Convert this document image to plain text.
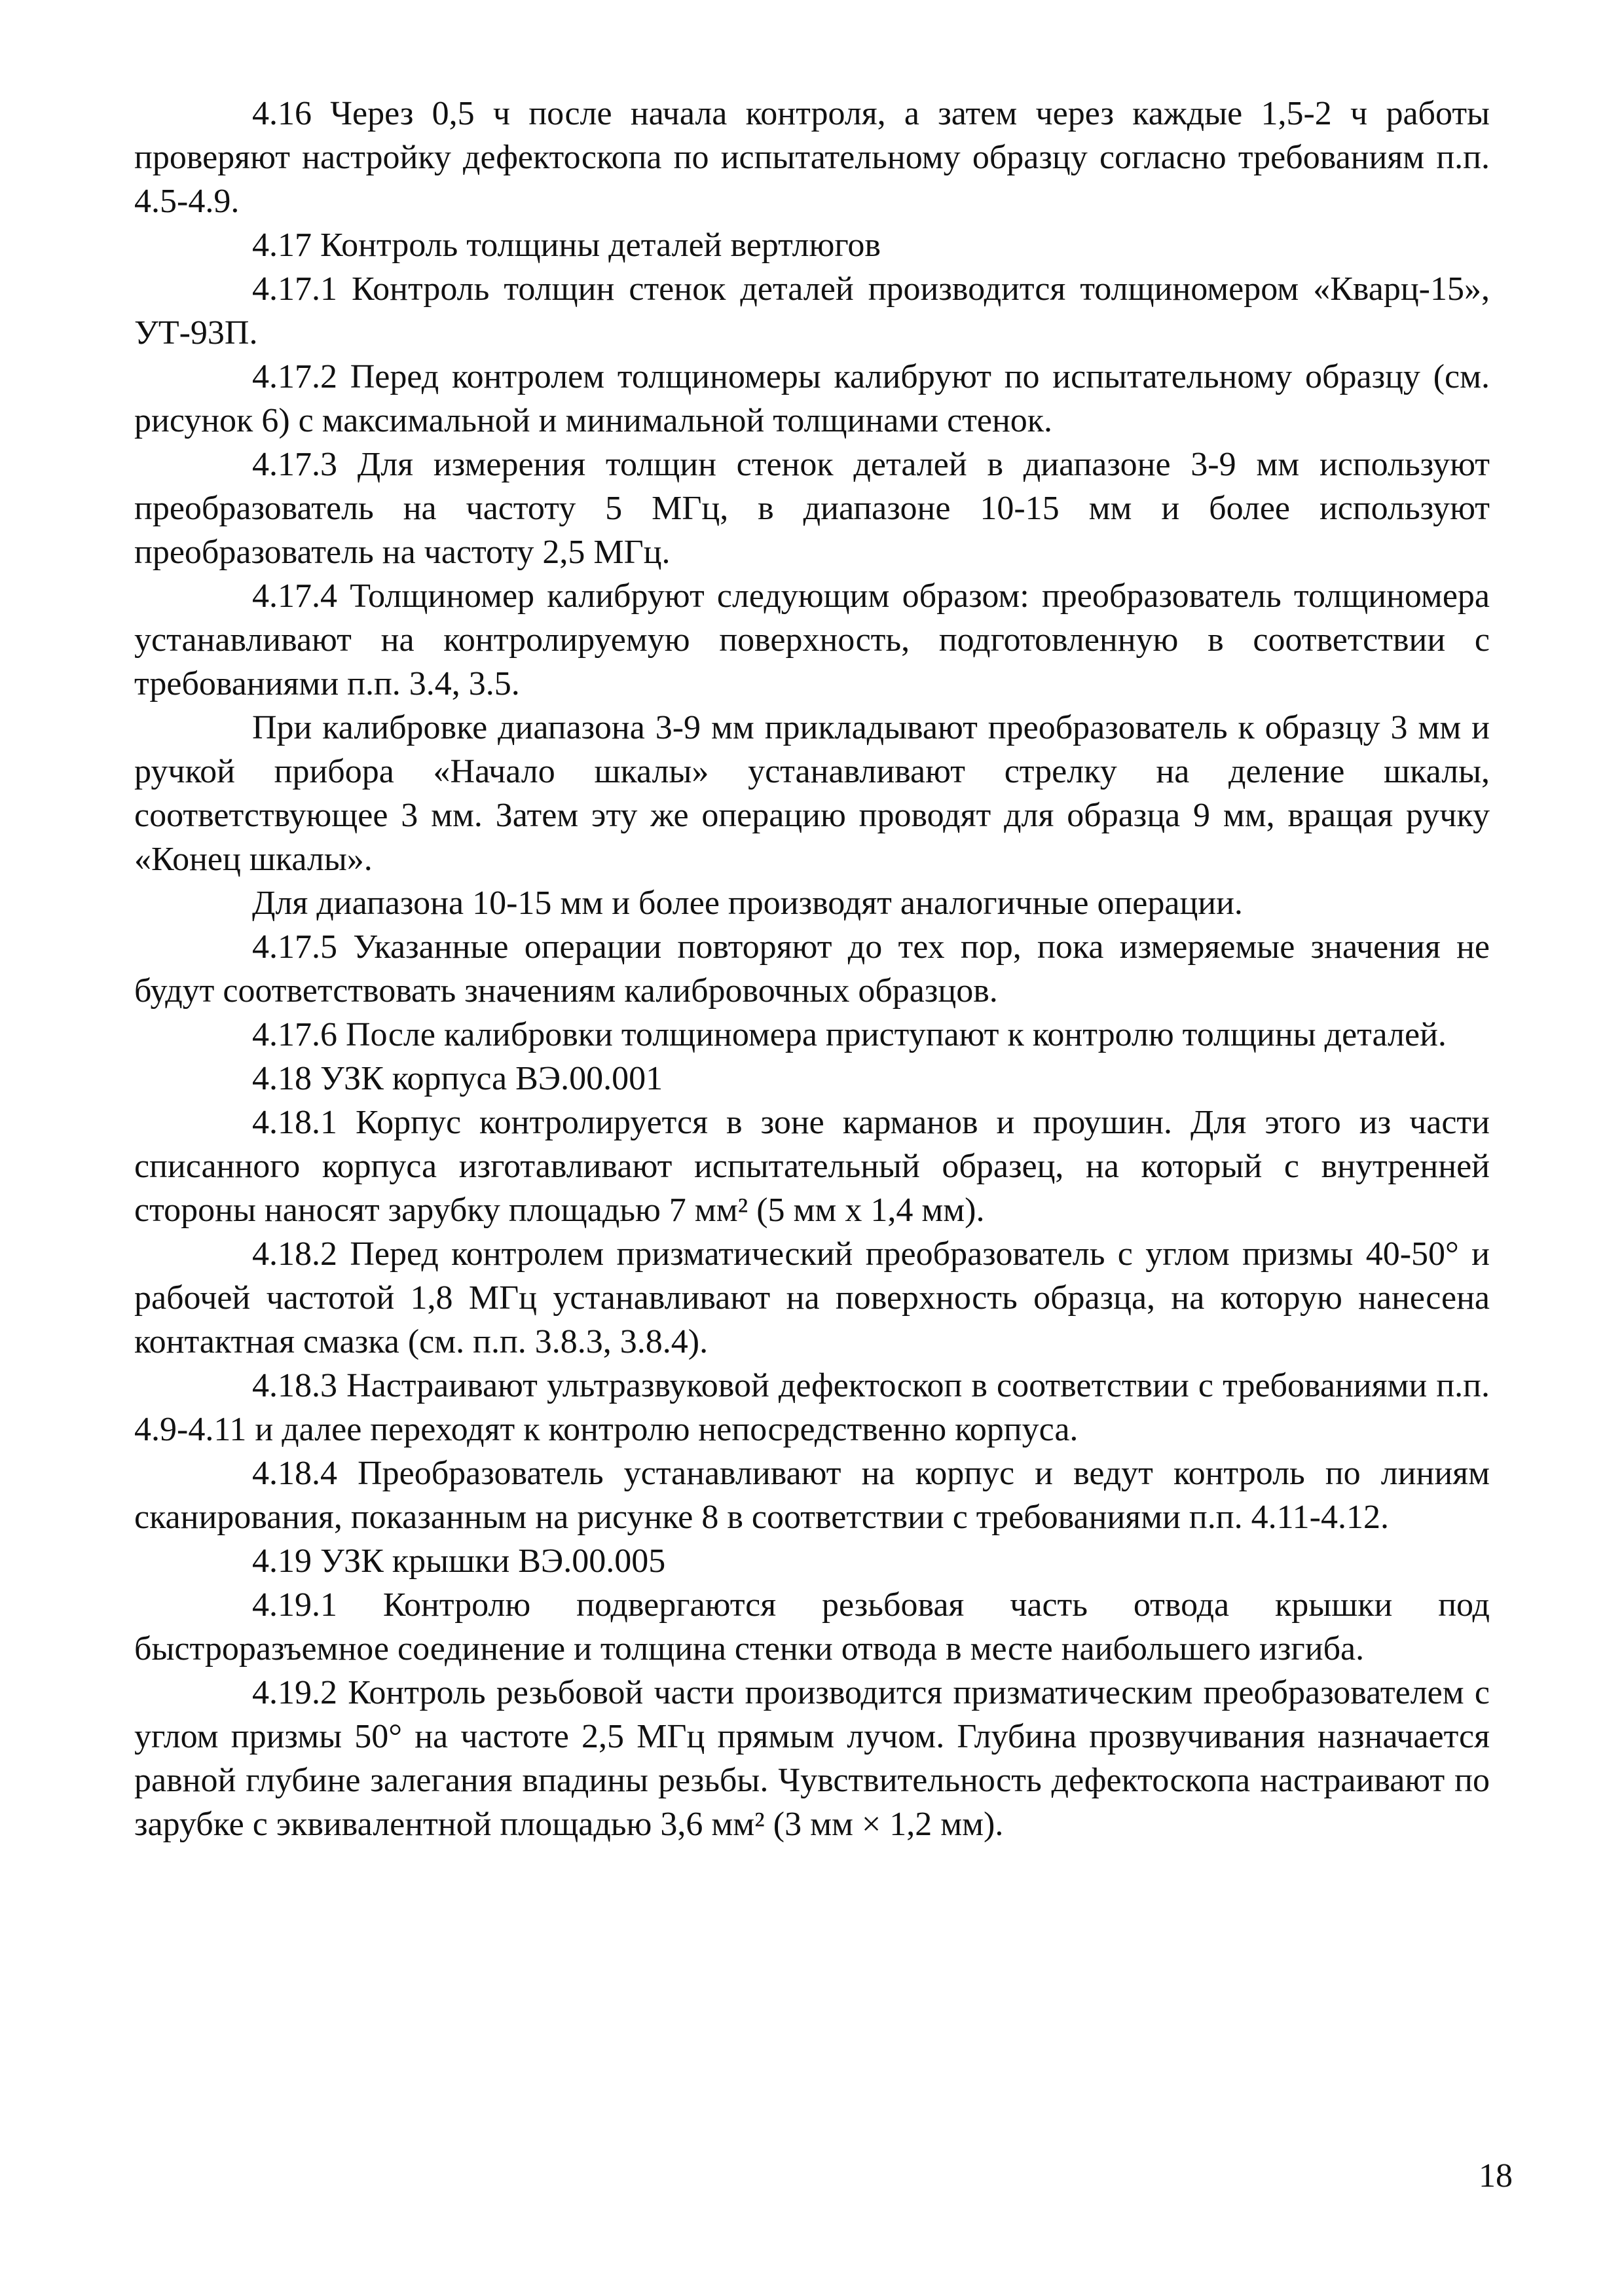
4.16 Через 0,5 ч после начала контроля, а затем через каждые 1,5-2 ч работы проверяют настройку дефектоскопа по испытательному образцу согласно требованиям п.п. 4.5-4.9.

4.17 Контроль толщины деталей вертлюгов

4.17.1 Контроль толщин стенок деталей производится толщиномером «Кварц-15», УТ-93П.

4.17.2 Перед контролем толщиномеры калибруют по испытательному образцу (см. рисунок 6) с максимальной и минимальной толщинами стенок.

4.17.3 Для измерения толщин стенок деталей в диапазоне 3-9 мм используют преобразователь на частоту 5 МГц, в диапазоне 10-15 мм и более используют преобразователь на частоту 2,5 МГц.

4.17.4 Толщиномер калибруют следующим образом: преобразователь толщиномера устанавливают на контролируемую поверхность, подготовленную в соответствии с требованиями п.п. 3.4, 3.5.

При калибровке диапазона 3-9 мм прикладывают преобразователь к образцу 3 мм и ручкой прибора «Начало шкалы» устанавливают стрелку на деление шкалы, соответствующее 3 мм. Затем эту же операцию проводят для образца 9 мм, вращая ручку «Конец шкалы».

Для диапазона 10-15 мм и более производят аналогичные операции.

4.17.5 Указанные операции повторяют до тех пор, пока измеряемые значения не будут соответствовать значениям калибровочных образцов.

4.17.6 После калибровки толщиномера приступают к контролю толщины деталей.

4.18 УЗК корпуса ВЭ.00.001

4.18.1 Корпус контролируется в зоне карманов и проушин. Для этого из части списанного корпуса изготавливают испытательный образец, на который с внутренней стороны наносят зарубку площадью 7 мм² (5 мм х 1,4 мм).

4.18.2 Перед контролем призматический преобразователь с углом призмы 40-50° и рабочей частотой 1,8 МГц устанавливают на поверхность образца, на которую нанесена контактная смазка (см. п.п. 3.8.3, 3.8.4).

4.18.3 Настраивают ультразвуковой дефектоскоп в соответствии с требованиями п.п. 4.9-4.11 и далее переходят к контролю непосредственно корпуса.

4.18.4 Преобразователь устанавливают на корпус и ведут контроль по линиям сканирования, показанным на рисунке 8 в соответствии с требованиями п.п. 4.11-4.12.

4.19 УЗК крышки ВЭ.00.005

4.19.1 Контролю подвергаются резьбовая часть отвода крышки под быстроразъемное соединение и толщина стенки отвода в месте наибольшего изгиба.

4.19.2 Контроль резьбовой части производится призматическим преобразователем с углом призмы 50° на частоте 2,5 МГц прямым лучом. Глубина прозвучивания назначается равной глубине залегания впадины резьбы. Чувствительность дефектоскопа настраивают по зарубке с эквивалентной площадью 3,6 мм² (3 мм × 1,2 мм).

18
